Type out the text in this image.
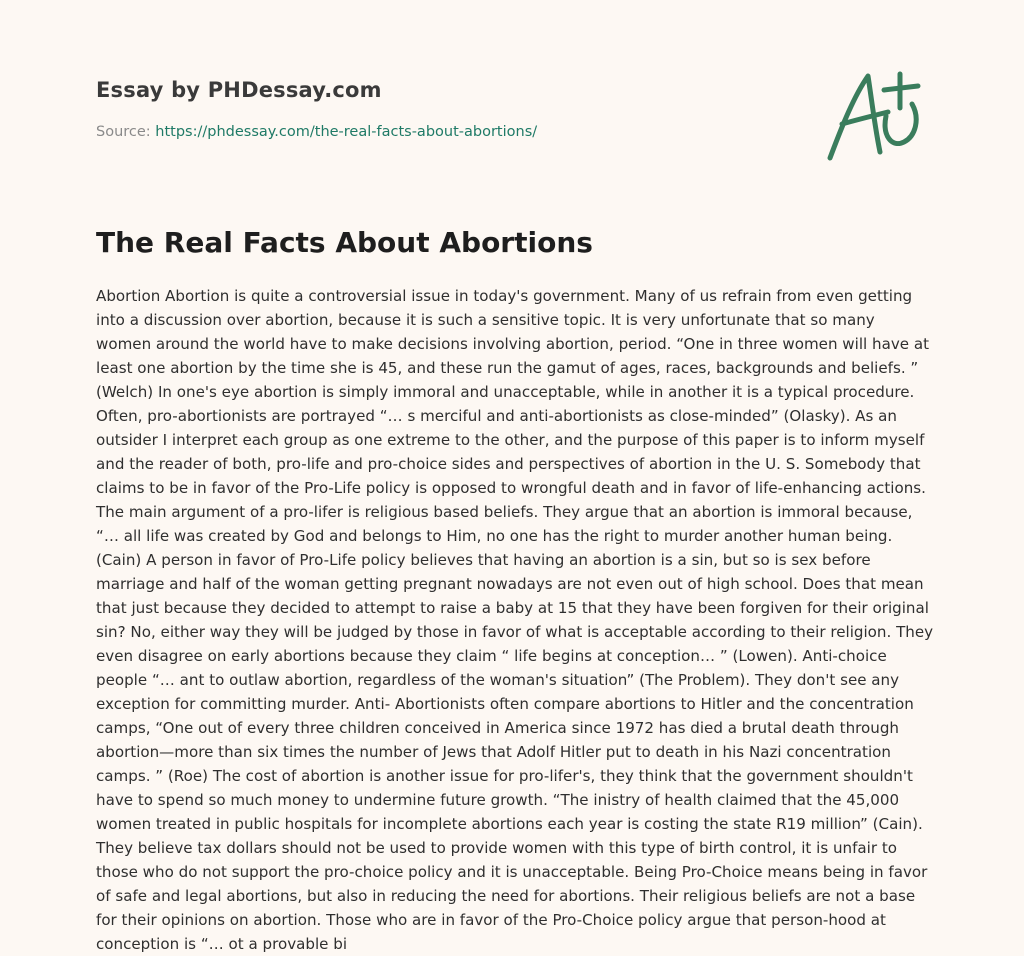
Essay by PHDessay.com
Source: https://phdessay.com/the-real-facts-about-abortions/
The Real Facts About Abortions

Abortion Abortion is quite a controversial issue in today's government. Many of us refrain from even getting into a discussion over abortion, because it is such a sensitive topic. It is very unfortunate that so many women around the world have to make decisions involving abortion, period. “One in three women will have at least one abortion by the time she is 45, and these run the gamut of ages, races, backgrounds and beliefs. ” (Welch) In one's eye abortion is simply immoral and unacceptable, while in another it is a typical procedure. Often, pro-abortionists are portrayed “… s merciful and anti-abortionists as close-minded” (Olasky). As an outsider I interpret each group as one extreme to the other, and the purpose of this paper is to inform myself and the reader of both, pro-life and pro-choice sides and perspectives of abortion in the U. S. Somebody that claims to be in favor of the Pro-Life policy is opposed to wrongful death and in favor of life-enhancing actions. The main argument of a pro-lifer is religious based beliefs. They argue that an abortion is immoral because, “… all life was created by God and belongs to Him, no one has the right to murder another human being. (Cain) A person in favor of Pro-Life policy believes that having an abortion is a sin, but so is sex before marriage and half of the woman getting pregnant nowadays are not even out of high school. Does that mean that just because they decided to attempt to raise a baby at 15 that they have been forgiven for their original sin? No, either way they will be judged by those in favor of what is acceptable according to their religion. They even disagree on early abortions because they claim “ life begins at conception… ” (Lowen). Anti-choice people “… ant to outlaw abortion, regardless of the woman's situation” (The Problem). They don't see any exception for committing murder. Anti- Abortionists often compare abortions to Hitler and the concentration camps, “One out of every three children conceived in America since 1972 has died a brutal death through abortion—more than six times the number of Jews that Adolf Hitler put to death in his Nazi concentration camps. ” (Roe) The cost of abortion is another issue for pro-lifer's, they think that the government shouldn't have to spend so much money to undermine future growth. “The inistry of health claimed that the 45,000 women treated in public hospitals for incomplete abortions each year is costing the state R19 million” (Cain). They believe tax dollars should not be used to provide women with this type of birth control, it is unfair to those who do not support the pro-choice policy and it is unacceptable. Being Pro-Choice means being in favor of safe and legal abortions, but also in reducing the need for abortions. Their religious beliefs are not a base for their opinions on abortion. Those who are in favor of the Pro-Choice policy argue that person-hood at conception is “… ot a provable bi
